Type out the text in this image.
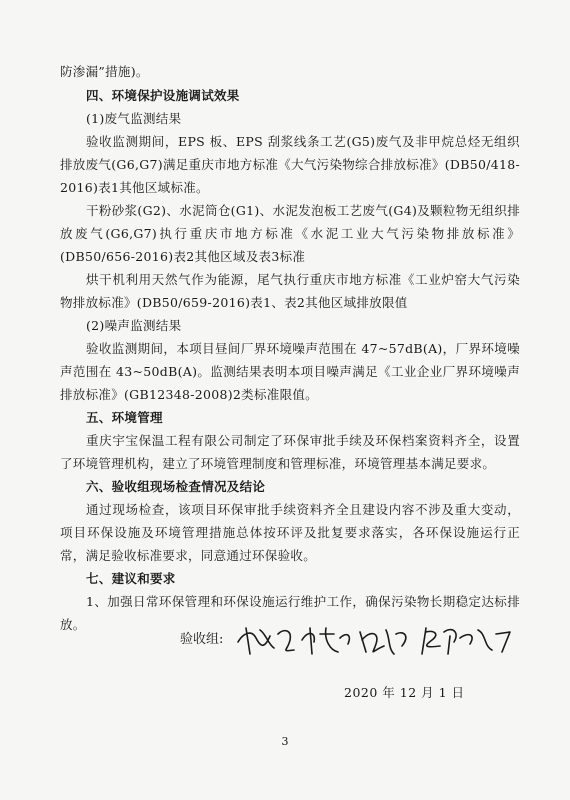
防渗漏”措施)。
四、环境保护设施调试效果
(1)废气监测结果
验收监测期间，EPS 板、EPS 刮浆线条工艺(G5)废气及非甲烷总烃无组织排放废气(G6,G7)满足重庆市地方标准《大气污染物综合排放标准》(DB50/418-2016)表1其他区域标准。
干粉砂浆(G2)、水泥筒仓(G1)、水泥发泡板工艺废气(G4)及颗粒物无组织排放废气(G6,G7)执行重庆市地方标准《水泥工业大气污染物排放标准》(DB50/656-2016)表2其他区域及表3标准
烘干机利用天然气作为能源，尾气执行重庆市地方标准《工业炉窑大气污染物排放标准》(DB50/659-2016)表1、表2其他区域排放限值
(2)噪声监测结果
验收监测期间，本项目昼间厂界环境噪声范围在 47~57dB(A)，厂界环境噪声范围在 43~50dB(A)。监测结果表明本项目噪声满足《工业企业厂界环境噪声排放标准》(GB12348-2008)2类标准限值。
五、环境管理
重庆宇宝保温工程有限公司制定了环保审批手续及环保档案资料齐全，设置了环境管理机构，建立了环境管理制度和管理标准，环境管理基本满足要求。
六、验收组现场检查情况及结论
通过现场检查，该项目环保审批手续资料齐全且建设内容不涉及重大变动，项目环保设施及环境管理措施总体按环评及批复要求落实，各环保设施运行正常，满足验收标准要求，同意通过环保验收。
七、建议和要求
1、加强日常环保管理和环保设施运行维护工作，确保污染物长期稳定达标排放。
验收组:
2020 年 12 月 1 日
3
